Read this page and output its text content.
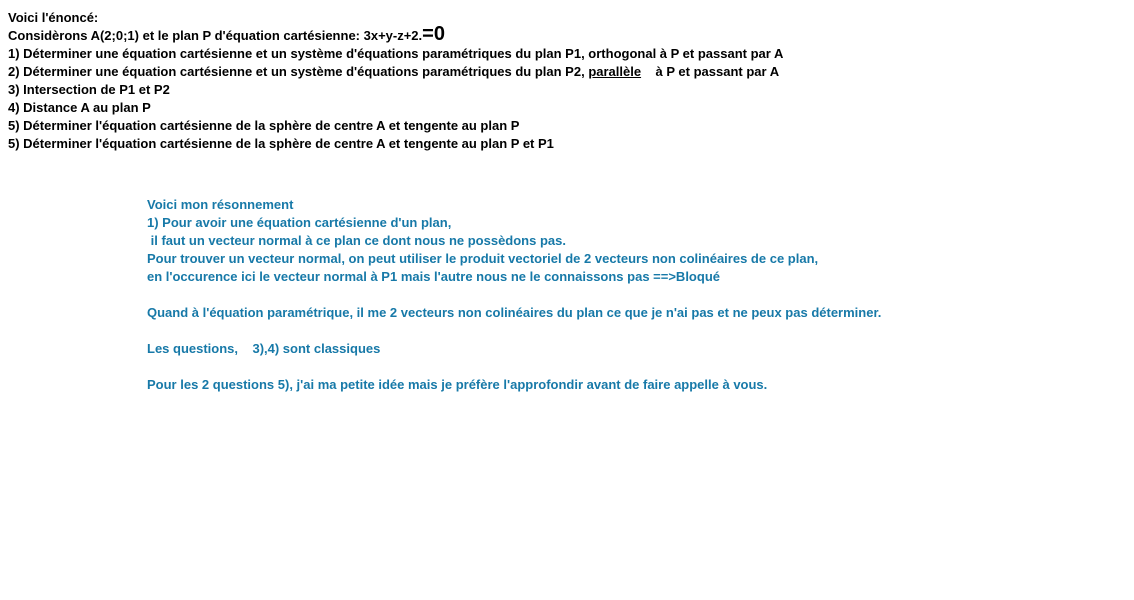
Voici l'énoncé:
Considèrons A(2;0;1) et le plan P d'équation cartésienne: 3x+y-z+2.=0
1) Déterminer une équation cartésienne et un système d'équations paramétriques du plan P1, orthogonal à P et passant par A
2) Déterminer une équation cartésienne et un système d'équations paramétriques du plan P2, parallèle    à P et passant par A
3) Intersection de P1 et P2
4) Distance A au plan P
5) Déterminer l'équation cartésienne de la sphère de centre A et tengente au plan P
5) Déterminer l'équation cartésienne de la sphère de centre A et tengente au plan P et P1
Voici mon résonnement
1) Pour avoir une équation cartésienne d'un plan,
il faut un vecteur normal à ce plan ce dont nous ne possèdons pas.
Pour trouver un vecteur normal, on peut utiliser le produit vectoriel de 2 vecteurs non colinéaires de ce plan,
en l'occurence ici le vecteur normal à P1 mais l'autre nous ne le connaissons pas ==>Bloqué
Quand à l'équation paramétrique, il me 2 vecteurs non colinéaires du plan ce que je n'ai pas et ne peux pas déterminer.
Les questions,    3),4) sont classiques
Pour les 2 questions 5), j'ai ma petite idée mais je préfère l'approfondir avant de faire appelle à vous.
